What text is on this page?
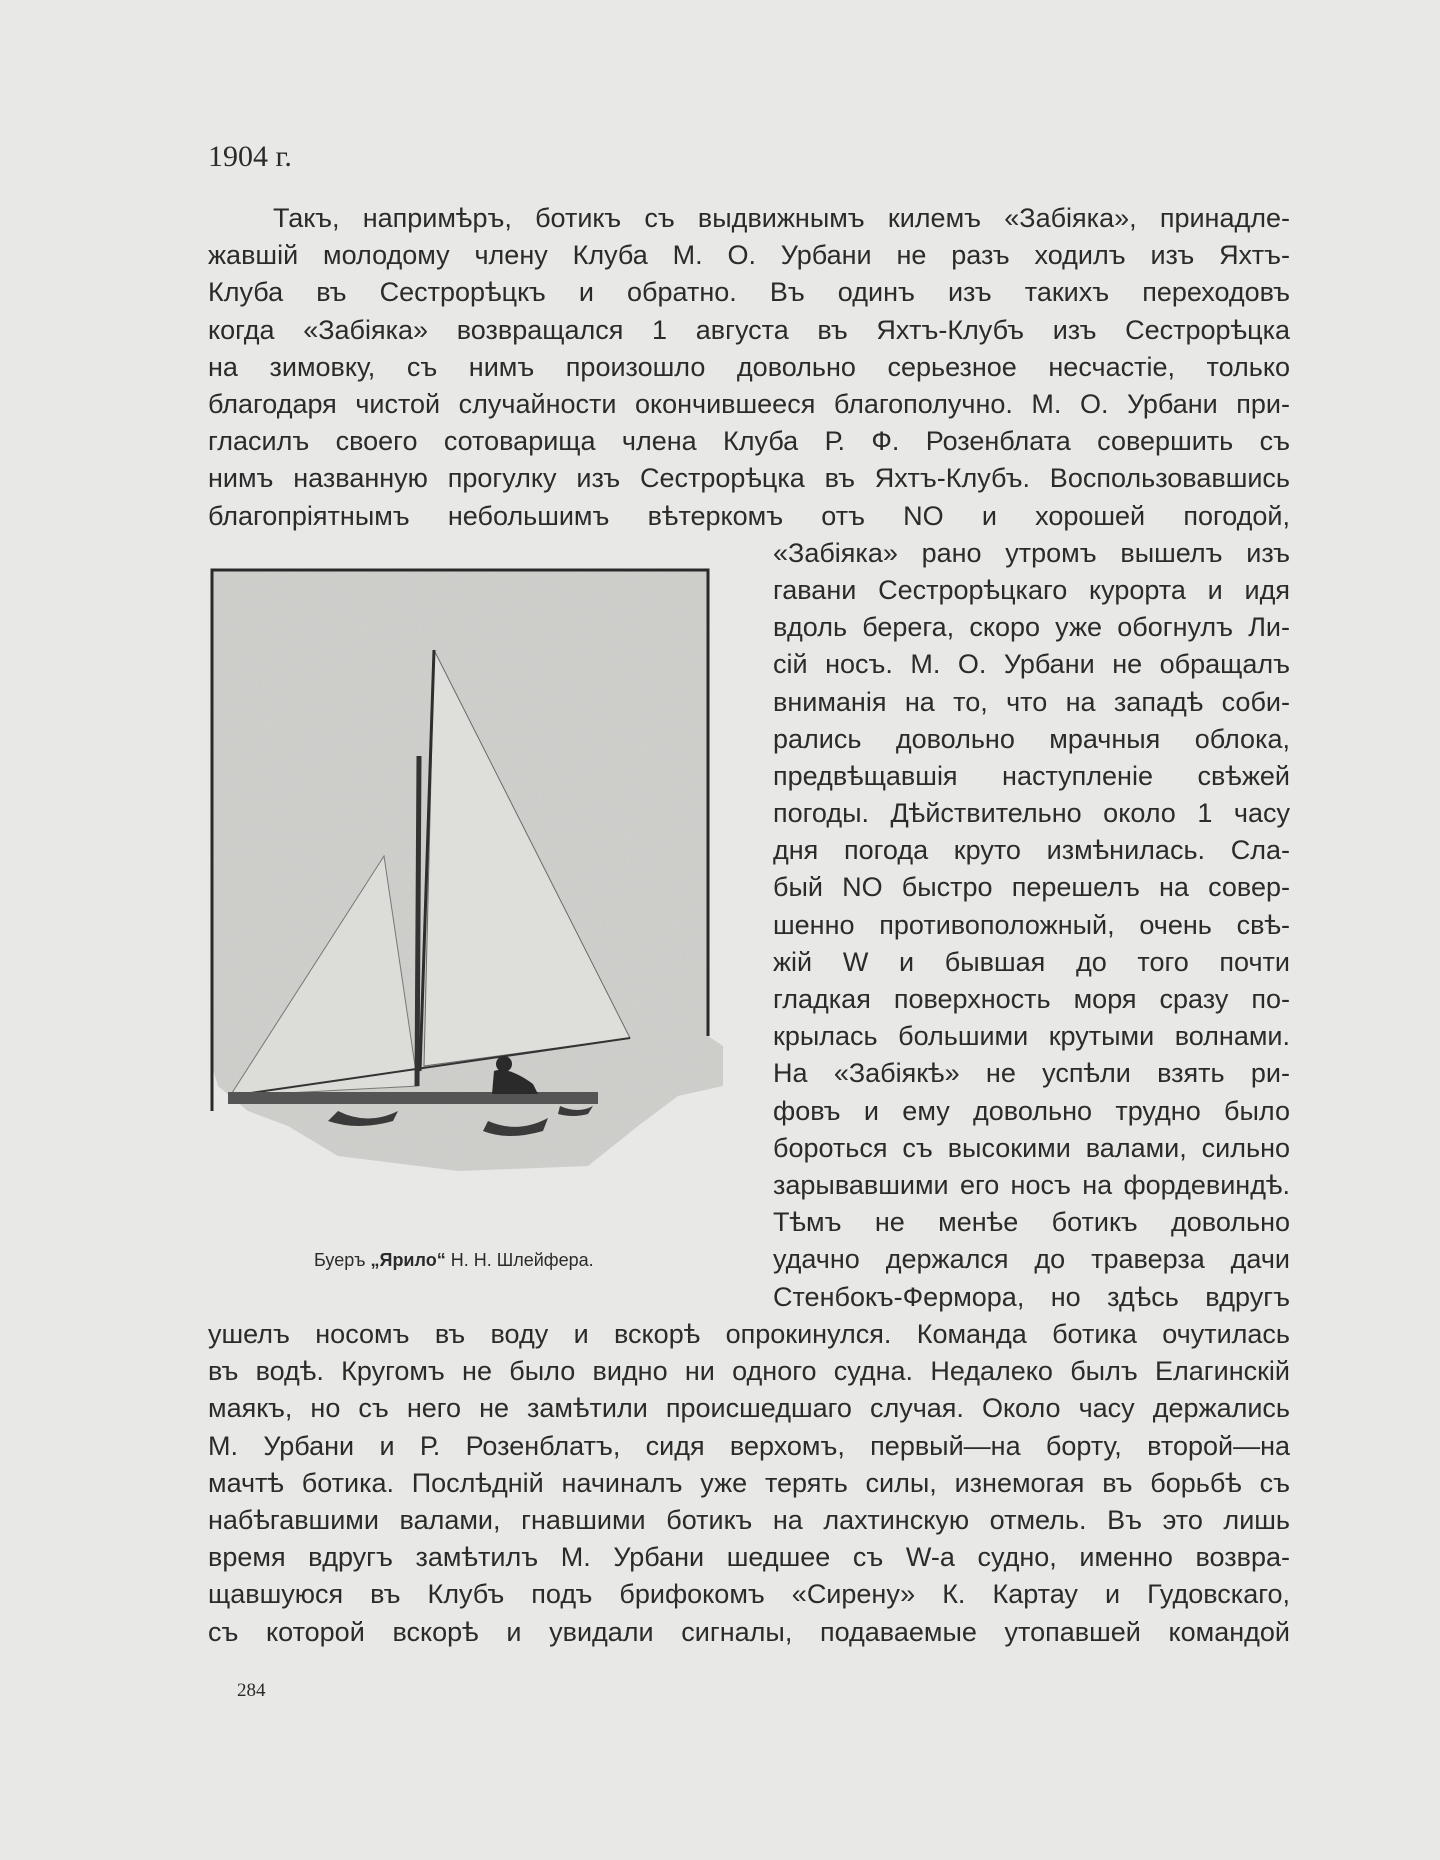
1904 г.
Такъ, напримѣръ, ботикъ съ выдвижнымъ килемъ «Забіяка», принадле-
жавшій молодому члену Клуба М. О. Урбани не разъ ходилъ изъ Яхтъ-
Клуба въ Сестрорѣцкъ и обратно. Въ одинъ изъ такихъ переходовъ
когда «Забіяка» возвращался 1 августа въ Яхтъ-Клубъ изъ Сестрорѣцка
на зимовку, съ нимъ произошло довольно серьезное несчастіе, только
благодаря чистой случайности окончившееся благополучно. М. О. Урбани при-
гласилъ своего сотоварища члена Клуба Р. Ф. Розенблата совершить съ
нимъ названную прогулку изъ Сестрорѣцка въ Яхтъ-Клубъ. Воспользовавшись
благопріятнымъ небольшимъ вѣтеркомъ отъ NO и хорошей погодой,
Буеръ „Ярило“ Н. Н. Шлейфера.
«Забіяка» рано утромъ вышелъ изъ
гавани Сестрорѣцкаго курорта и идя
вдоль берега, скоро уже обогнулъ Ли-
сій носъ. М. О. Урбани не обращалъ
вниманія на то, что на западѣ соби-
рались довольно мрачныя облока,
предвѣщавшія наступленіе свѣжей
погоды. Дѣйствительно около 1 часу
дня погода круто измѣнилась. Сла-
бый NO быстро перешелъ на совер-
шенно противоположный, очень свѣ-
жій W и бывшая до того почти
гладкая поверхность моря сразу по-
крылась большими крутыми волнами.
На «Забіякѣ» не успѣли взять ри-
фовъ и ему довольно трудно было
бороться съ высокими валами, сильно
зарывавшими его носъ на фордевиндѣ.
Тѣмъ не менѣе ботикъ довольно
удачно держался до траверза дачи
Стенбокъ-Фермора, но здѣсь вдругъ
ушелъ носомъ въ воду и вскорѣ опрокинулся. Команда ботика очутилась
въ водѣ. Кругомъ не было видно ни одного судна. Недалеко былъ Елагинскій
маякъ, но съ него не замѣтили происшедшаго случая. Около часу держались
М. Урбани и Р. Розенблатъ, сидя верхомъ, первый—на борту, второй—на
мачтѣ ботика. Послѣдній начиналъ уже терять силы, изнемогая въ борьбѣ съ
набѣгавшими валами, гнавшими ботикъ на лахтинскую отмель. Въ это лишь
время вдругъ замѣтилъ М. Урбани шедшее съ W-а судно, именно возвра-
щавшуюся въ Клубъ подъ брифокомъ «Сирену» К. Картау и Гудовскаго,
съ которой вскорѣ и увидали сигналы, подаваемые утопавшей командой
284
